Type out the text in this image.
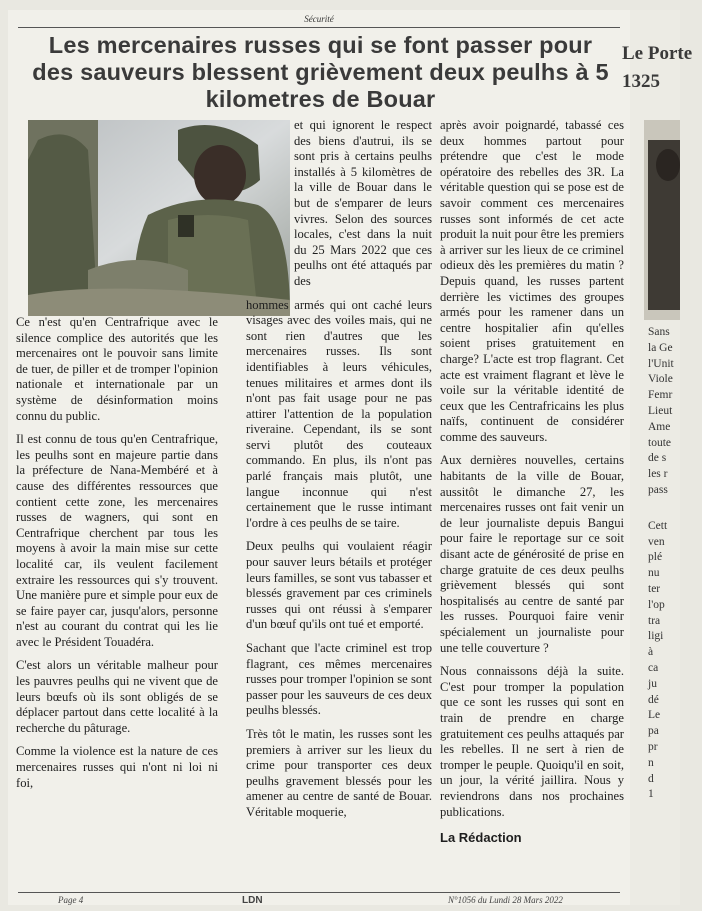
Sécurité
Les mercenaires russes qui se font passer pour des sauveurs blessent grièvement deux peulhs à 5 kilometres de Bouar

Ce n'est qu'en Centrafrique avec le silence complice des autorités que les mercenaires ont le pouvoir sans limite de tuer, de piller et de tromper l'opinion nationale et internationale par un système de désinformation moins connu du public.

Il est connu de tous qu'en Centrafrique, les peulhs sont en majeure partie dans la préfecture de Nana-Membéré et à cause des différentes ressources que contient cette zone, les mercenaires russes de wagners, qui sont en Centrafrique cherchent par tous les moyens à avoir la main mise sur cette localité car, ils veulent facilement extraire les ressources qui s'y trouvent. Une manière pure et simple pour eux de se faire payer car, jusqu'alors, personne n'est au courant du contrat qui les lie avec le Président Touadéra.

C'est alors un véritable malheur pour les pauvres peulhs qui ne vivent que de leurs bœufs où ils sont obligés de se déplacer partout dans cette localité à la recherche du pâturage.

Comme la violence est la nature de ces mercenaires russes qui n'ont ni loi ni foi,

et qui ignorent le respect des biens d'autrui, ils se sont pris à certains peulhs installés à 5 kilomètres de la ville de Bouar dans le but de s'emparer de leurs vivres. Selon des sources locales, c'est dans la nuit du 25 Mars 2022 que ces peulhs ont été attaqués par des

hommes armés qui ont caché leurs visages avec des voiles mais, qui ne sont rien d'autres que les mercenaires russes. Ils sont identifiables à leurs véhicules, tenues militaires et armes dont ils n'ont pas fait usage pour ne pas attirer l'attention de la population riveraine. Cependant, ils se sont servi plutôt des couteaux commando. En plus, ils n'ont pas parlé français mais plutôt, une langue inconnue qui n'est certainement que le russe intimant l'ordre à ces peulhs de se taire.

Deux peulhs qui voulaient réagir pour sauver leurs bétails et protéger leurs familles, se sont vus tabasser et blessés gravement par ces criminels russes qui ont réussi à s'emparer d'un bœuf qu'ils ont tué et emporté.

Sachant que l'acte criminel est trop flagrant, ces mêmes mercenaires russes pour tromper l'opinion se sont passer pour les sauveurs de ces deux peulhs blessés.

Très tôt le matin, les russes sont les premiers à arriver sur les lieux du crime pour transporter ces deux peulhs gravement blessés pour les amener au centre de santé de Bouar. Véritable moquerie,

après avoir poignardé, tabassé ces deux hommes partout pour prétendre que c'est le mode opératoire des rebelles des 3R. La véritable question qui se pose est de savoir comment ces mercenaires russes sont informés de cet acte produit la nuit pour être les premiers à arriver sur les lieux de ce criminel odieux dès les premières du matin ? Depuis quand, les russes partent derrière les victimes des groupes armés pour les ramener dans un centre hospitalier afin qu'elles soient prises gratuitement en charge? L'acte est trop flagrant. Cet acte est vraiment flagrant et lève le voile sur la véritable identité de ceux que les Centrafricains les plus naïfs, continuent de considérer comme des sauveurs.

Aux dernières nouvelles, certains habitants de la ville de Bouar, aussitôt le dimanche 27, les mercenaires russes ont fait venir un de leur journaliste depuis Bangui pour faire le reportage sur ce soit disant acte de générosité de prise en charge gratuite de ces deux peulhs grièvement blessés qui sont hospitalisés au centre de santé par les russes. Pourquoi faire venir spécialement un journaliste pour une telle couverture ?

Nous connaissons déjà la suite. C'est pour tromper la population que ce sont les russes qui sont en train de prendre en charge gratuitement ces peulhs attaqués par les rebelles. Il ne sert à rien de tromper le peuple. Quoiqu'il en soit, un jour, la vérité jaillira. Nous y reviendrons dans nos prochaines publications.

La Rédaction
Page 4	LDN	N°1056 du Lundi 28 Mars 2022
Le Porte
1325
Sans
la Ge
l'Unit
Viole
Femr
Lieut
Ame
toute
de s
les r
pass
Cett
ven
plé
nu
ter
l'op
tra
ligi
à
ca
ju
dé
Le
pa
pr
n
d
1
